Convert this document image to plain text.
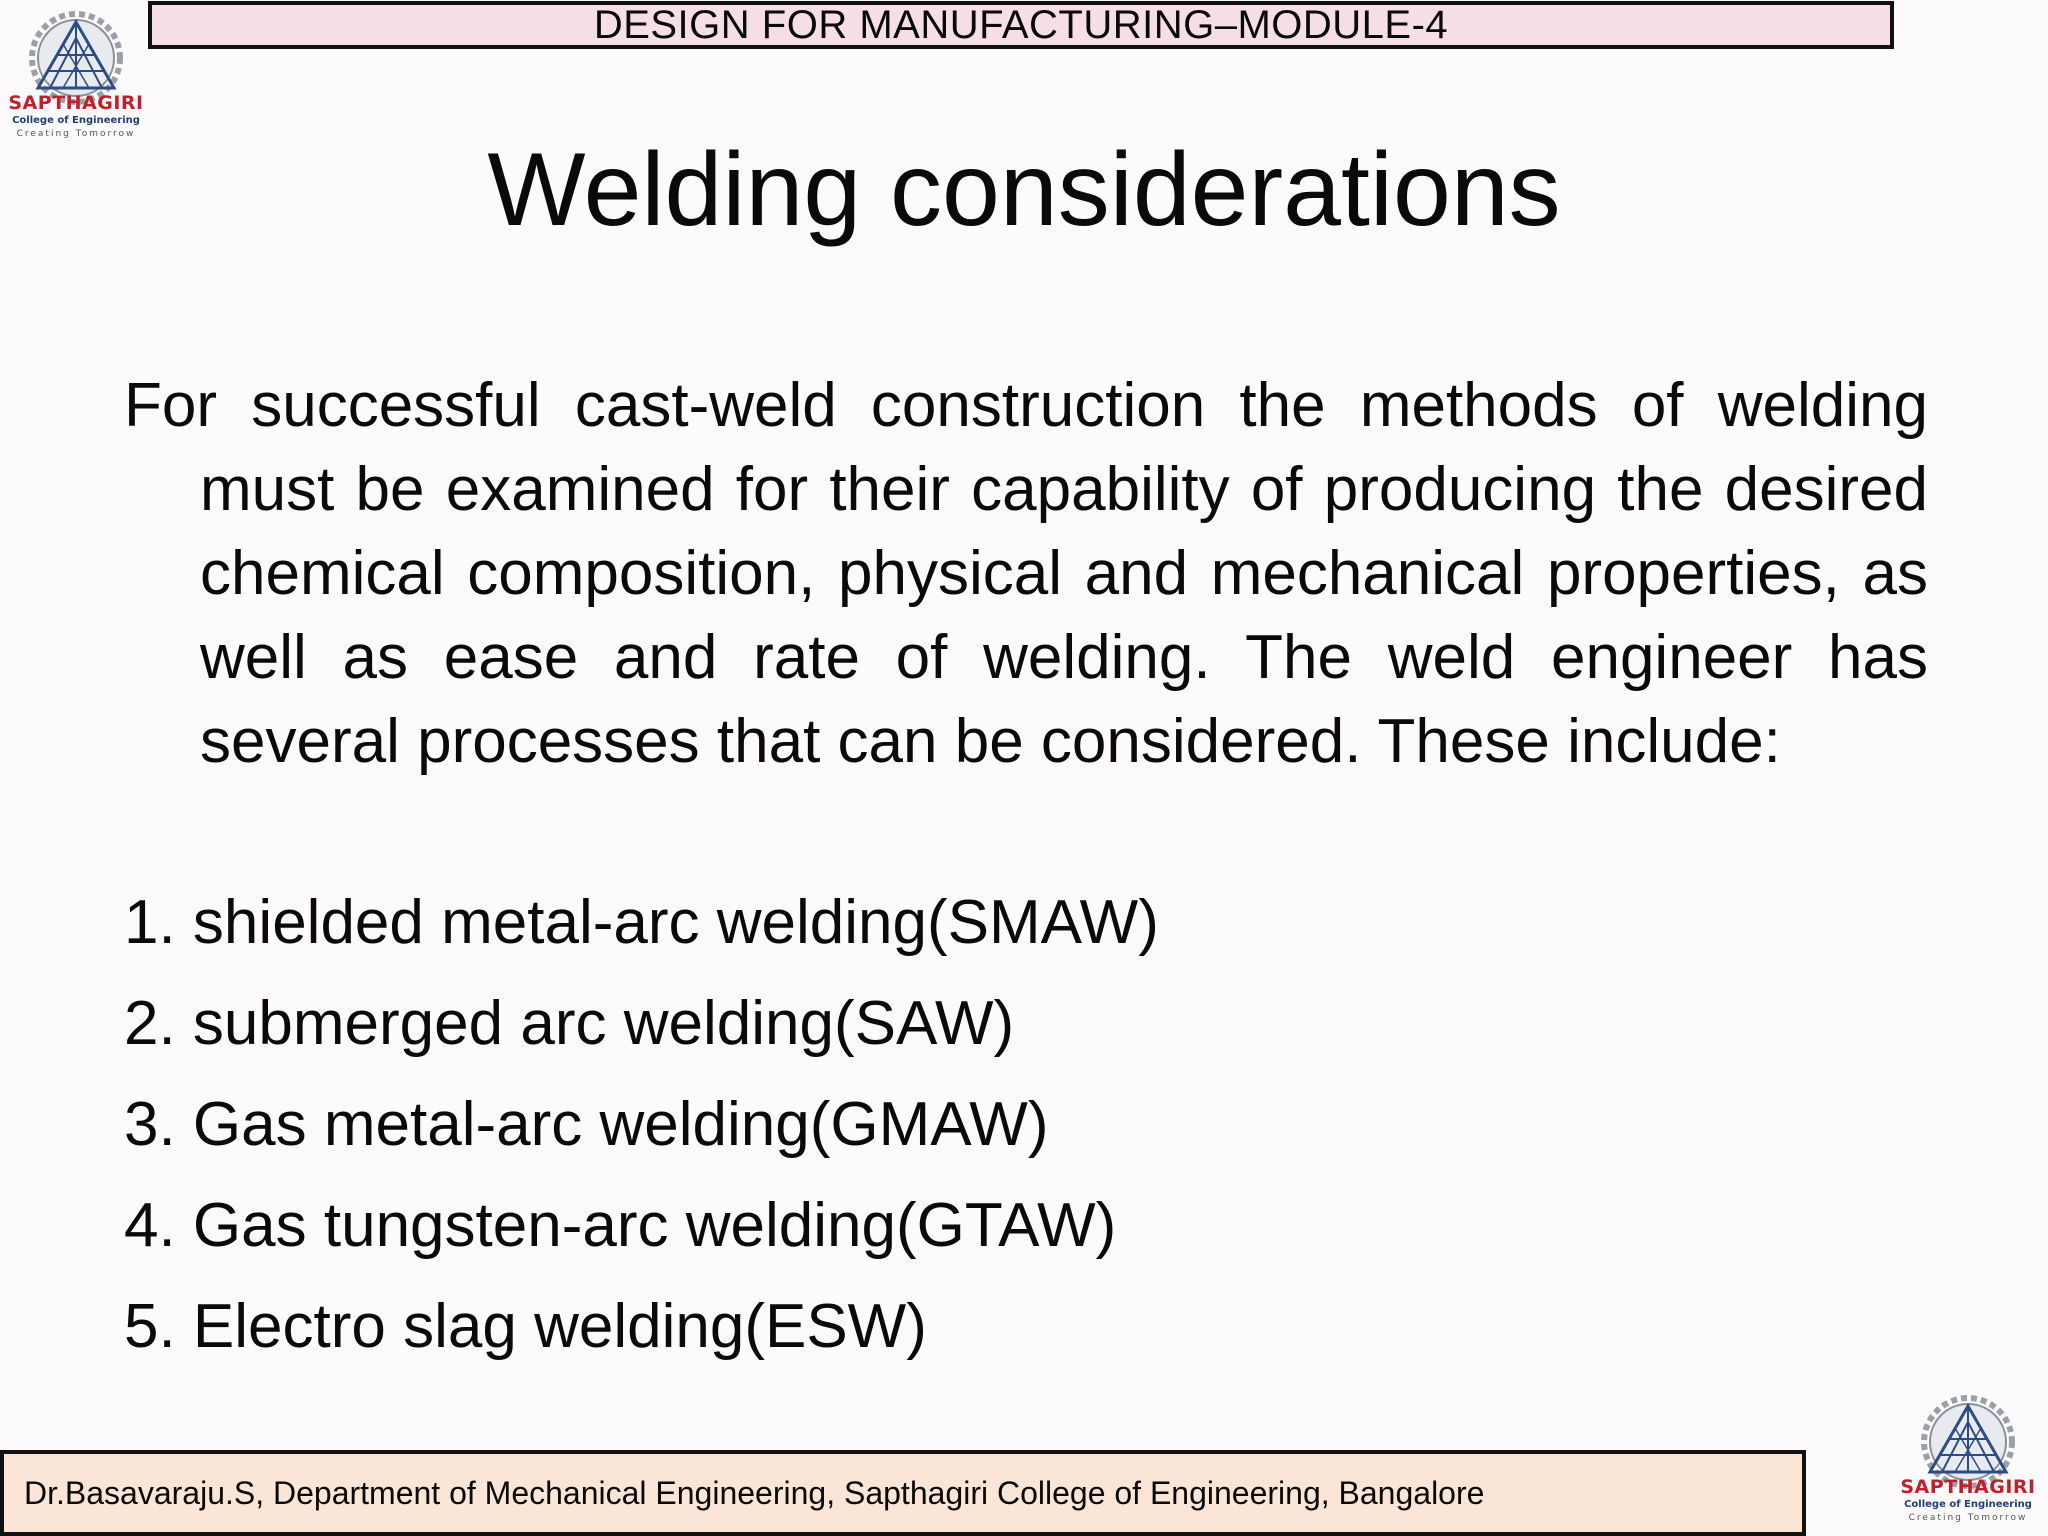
DESIGN FOR MANUFACTURING–MODULE-4
SAPTHAGIRI
College of Engineering
Creating Tomorrow	Welding considerations

For successful cast-weld construction the methods of welding must be examined for their capability of producing the desired chemical composition, physical and mechanical properties, as well as ease and rate of welding. The weld engineer has several processes that can be considered. These include:

1. shielded metal-arc welding(SMAW)
2. submerged arc welding(SAW)
3. Gas metal-arc welding(GMAW)
4. Gas tungsten-arc welding(GTAW)
5. Electro slag welding(ESW)
Dr.Basavaraju.S, Department of Mechanical Engineering, Sapthagiri College of Engineering, Bangalore	SAPTHAGIRI
College of Engineering
Creating Tomorrow
